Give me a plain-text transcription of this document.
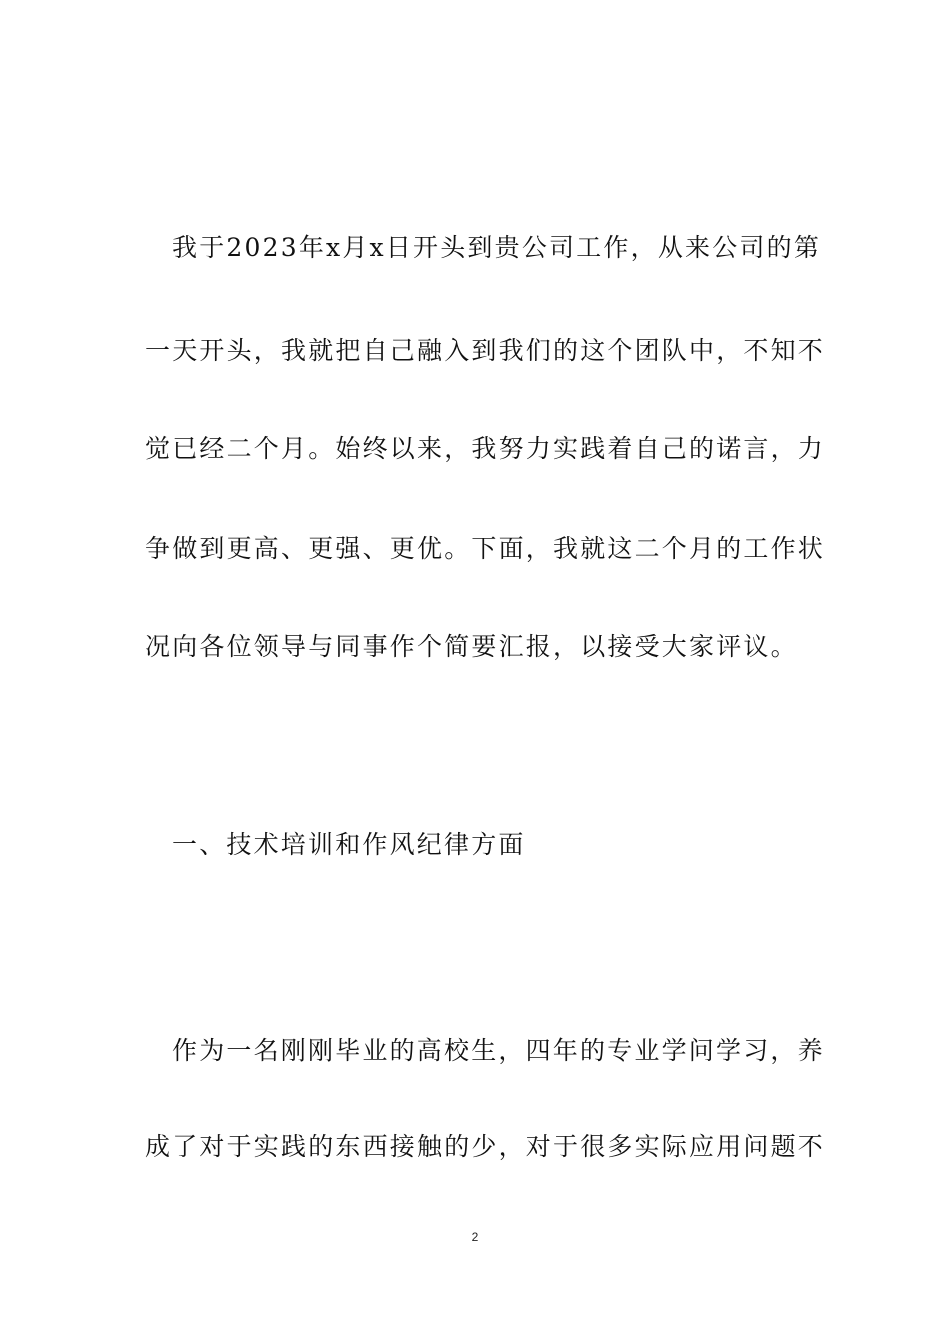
我于2023年x月x日开头到贵公司工作，从来公司的第
一天开头，我就把自己融入到我们的这个团队中，不知不
觉已经二个月。始终以来，我努力实践着自己的诺言，力
争做到更高、更强、更优。下面，我就这二个月的工作状
况向各位领导与同事作个简要汇报，以接受大家评议。
一、技术培训和作风纪律方面
作为一名刚刚毕业的高校生，四年的专业学问学习，养
成了对于实践的东西接触的少，对于很多实际应用问题不
2
